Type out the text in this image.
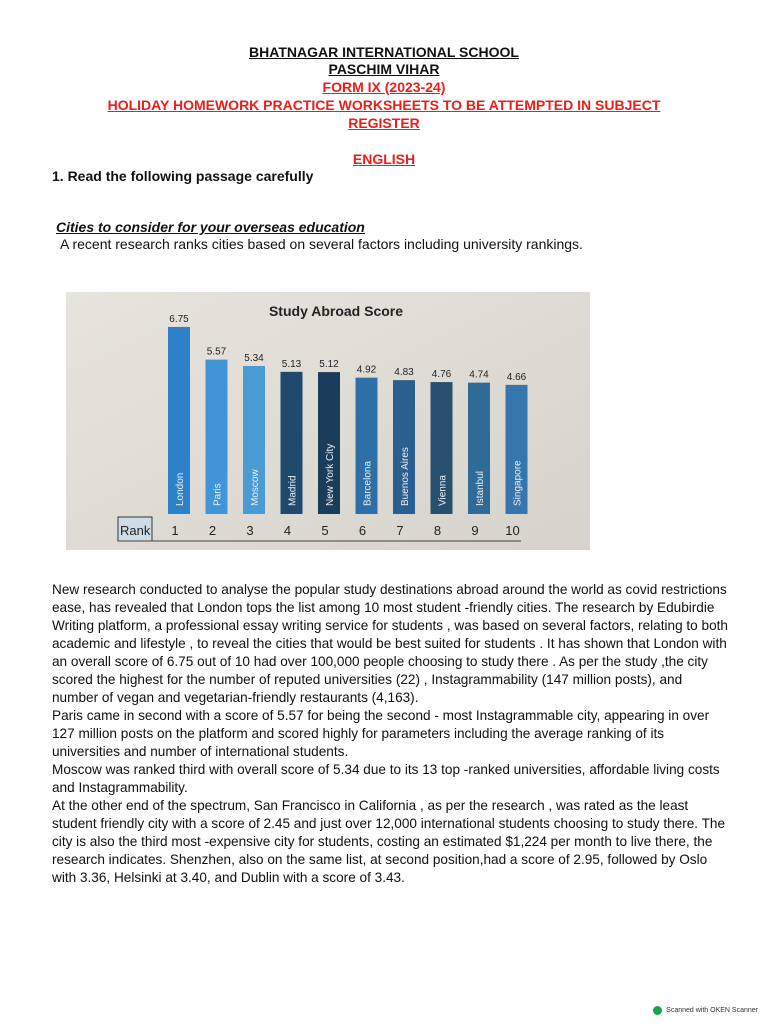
BHATNAGAR INTERNATIONAL SCHOOL
PASCHIM VIHAR
FORM IX (2023-24)
HOLIDAY HOMEWORK PRACTICE WORKSHEETS TO BE ATTEMPTED IN SUBJECT
REGISTER
ENGLISH
1. Read the following passage carefully
Cities to consider for your overseas education
A recent research ranks cities based on several factors including university rankings.
Study Abroad Score
Rank
6.75
London
1
5.57
Paris
2
5.34
Moscow
3
5.13
Madrid
4
5.12
New York City
5
4.92
Barcelona
6
4.83
Buenos Aires
7
4.76
Vienna
8
4.74
Istanbul
9
4.66
Singapore
10

New research conducted to analyse the popular study destinations abroad around the world as covid restrictions ease, has revealed that London tops the list among 10 most student -friendly cities. The research by Edubirdie Writing platform, a professional essay writing service for students , was based on several factors, relating to both academic and lifestyle , to reveal the cities that would be best suited for students . It has shown that London with an overall score of 6.75 out of 10 had over 100,000 people choosing to study there . As per the study ,the city scored the highest for the number of reputed universities (22) , Instagrammability (147 million posts), and number of vegan and vegetarian-friendly restaurants (4,163).

Paris came in second with a score of 5.57 for being the second - most Instagrammable city, appearing in over 127 million posts on the platform and scored highly for parameters including the average ranking of its universities and number of international students.

Moscow was ranked third with overall score of 5.34 due to its 13 top -ranked universities, affordable living costs and Instagrammability.

At the other end of the spectrum, San Francisco in California , as per the research , was rated as the least student friendly city with a score of 2.45 and just over 12,000 international students choosing to study there. The city is also the third most -expensive city for students, costing an estimated $1,224 per month to live there, the research indicates. Shenzhen, also on the same list, at second position,had a score of 2.95, followed by Oslo with 3.36, Helsinki at 3.40, and Dublin with a score of 3.43.

Scanned with OKEN Scanner
